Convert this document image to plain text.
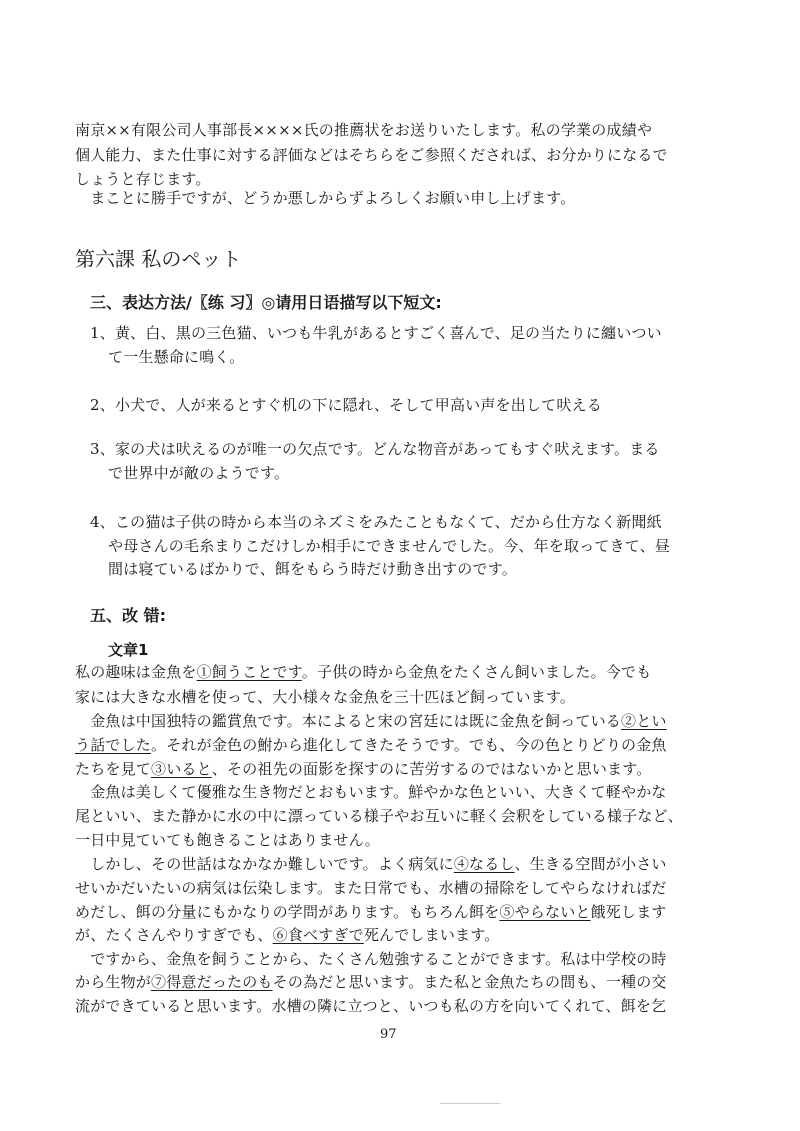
南京××有限公司人事部長××××氏の推薦状をお送りいたします。私の学業の成績や
個人能力、また仕事に対する評価などはそちらをご参照くだされば、お分かりになるで
しょうと存じます。
　まことに勝手ですが、どうか悪しからずよろしくお願い申し上げます。
第六課 私のペット
三、表达方法/〖练 习〗◎请用日语描写以下短文:
1、黄、白、黒の三色猫、いつも牛乳があるとすごく喜んで、足の当たりに纏いつい
て一生懸命に鳴く。
2、小犬で、人が来るとすぐ机の下に隠れ、そして甲高い声を出して吠える
3、家の犬は吠えるのが唯一の欠点です。どんな物音があってもすぐ吠えます。まる
で世界中が敵のようです。
4、この猫は子供の時から本当のネズミをみたこともなくて、だから仕方なく新聞紙
や母さんの毛糸まりこだけしか相手にできませんでした。今、年を取ってきて、昼
間は寝ているばかりで、餌をもらう時だけ動き出すのです。
五、改 错:
文章1
私の趣味は金魚を①飼うことです。子供の時から金魚をたくさん飼いました。今でも
家には大きな水槽を使って、大小様々な金魚を三十匹ほど飼っています。
　金魚は中国独特の鑑賞魚です。本によると宋の宮廷には既に金魚を飼っている②とい
う話でした。それが金色の鮒から進化してきたそうです。でも、今の色とりどりの金魚
たちを見て③いると、その祖先の面影を探すのに苦労するのではないかと思います。
　金魚は美しくて優雅な生き物だとおもいます。鮮やかな色といい、大きくて軽やかな
尾といい、また静かに水の中に漂っている様子やお互いに軽く会釈をしている様子など、
一日中見ていても飽きることはありません。
　しかし、その世話はなかなか難しいです。よく病気に④なるし、生きる空間が小さい
せいかだいたいの病気は伝染します。また日常でも、水槽の掃除をしてやらなければだ
めだし、餌の分量にもかなりの学問があります。もちろん餌を⑤やらないと餓死します
が、たくさんやりすぎでも、⑥食べすぎで死んでしまいます。
　ですから、金魚を飼うことから、たくさん勉強することができます。私は中学校の時
から生物が⑦得意だったのもその為だと思います。また私と金魚たちの間も、一種の交
流ができていると思います。水槽の隣に立つと、いつも私の方を向いてくれて、餌を乞
97
